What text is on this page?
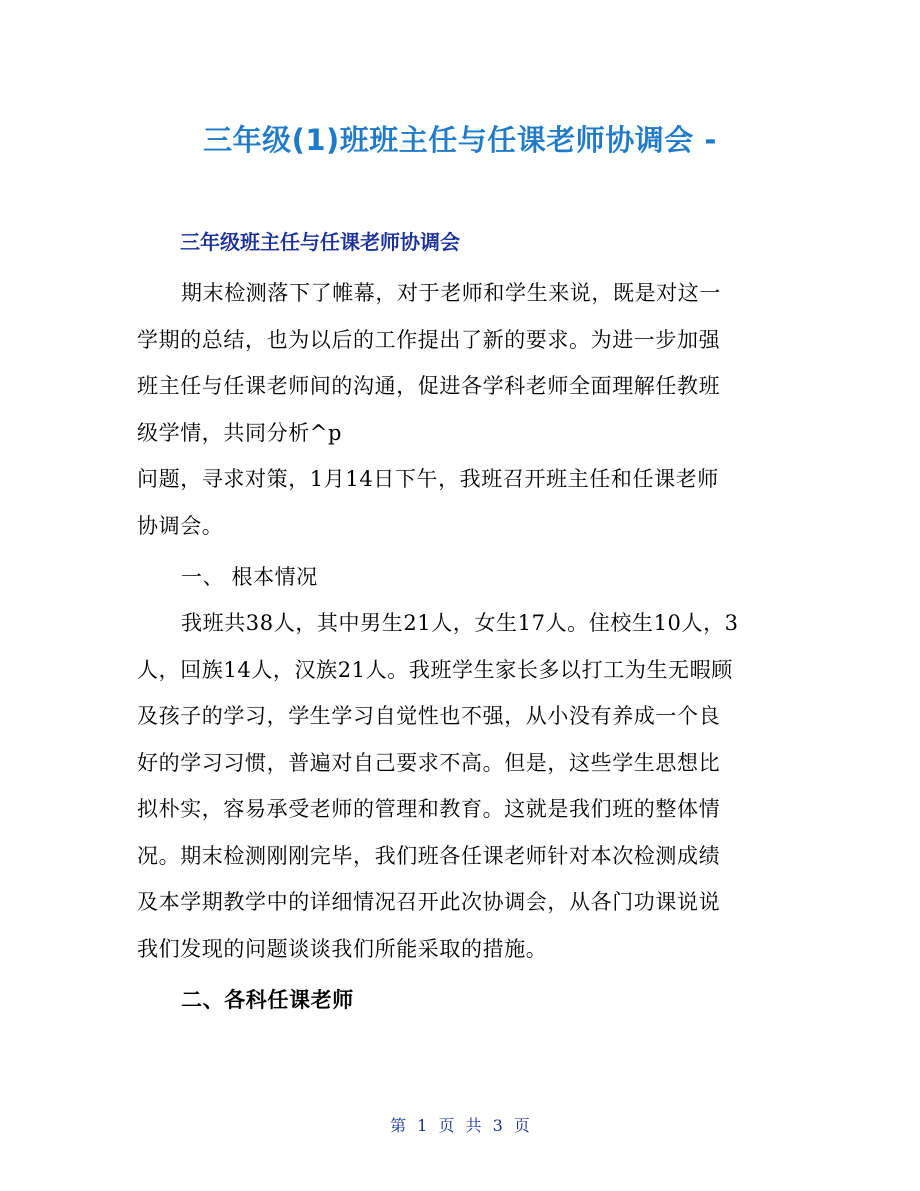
三年级(1)班班主任与任课老师协调会 -
三年级班主任与任课老师协调会
期末检测落下了帷幕，对于老师和学生来说，既是对这一
学期的总结，也为以后的工作提出了新的要求。为进一步加强
班主任与任课老师间的沟通，促进各学科老师全面理解任教班
级学情，共同分析^p
问题，寻求对策，1月14日下午，我班召开班主任和任课老师
协调会。
一、 根本情况
我班共38人，其中男生21人，女生17人。住校生10人，3
人，回族14人，汉族21人。我班学生家长多以打工为生无暇顾
及孩子的学习，学生学习自觉性也不强，从小没有养成一个良
好的学习习惯，普遍对自己要求不高。但是，这些学生思想比
拟朴实，容易承受老师的管理和教育。这就是我们班的整体情
况。期末检测刚刚完毕，我们班各任课老师针对本次检测成绩
及本学期教学中的详细情况召开此次协调会，从各门功课说说
我们发现的问题谈谈我们所能采取的措施。
二、各科任课老师
第 1 页 共 3 页
